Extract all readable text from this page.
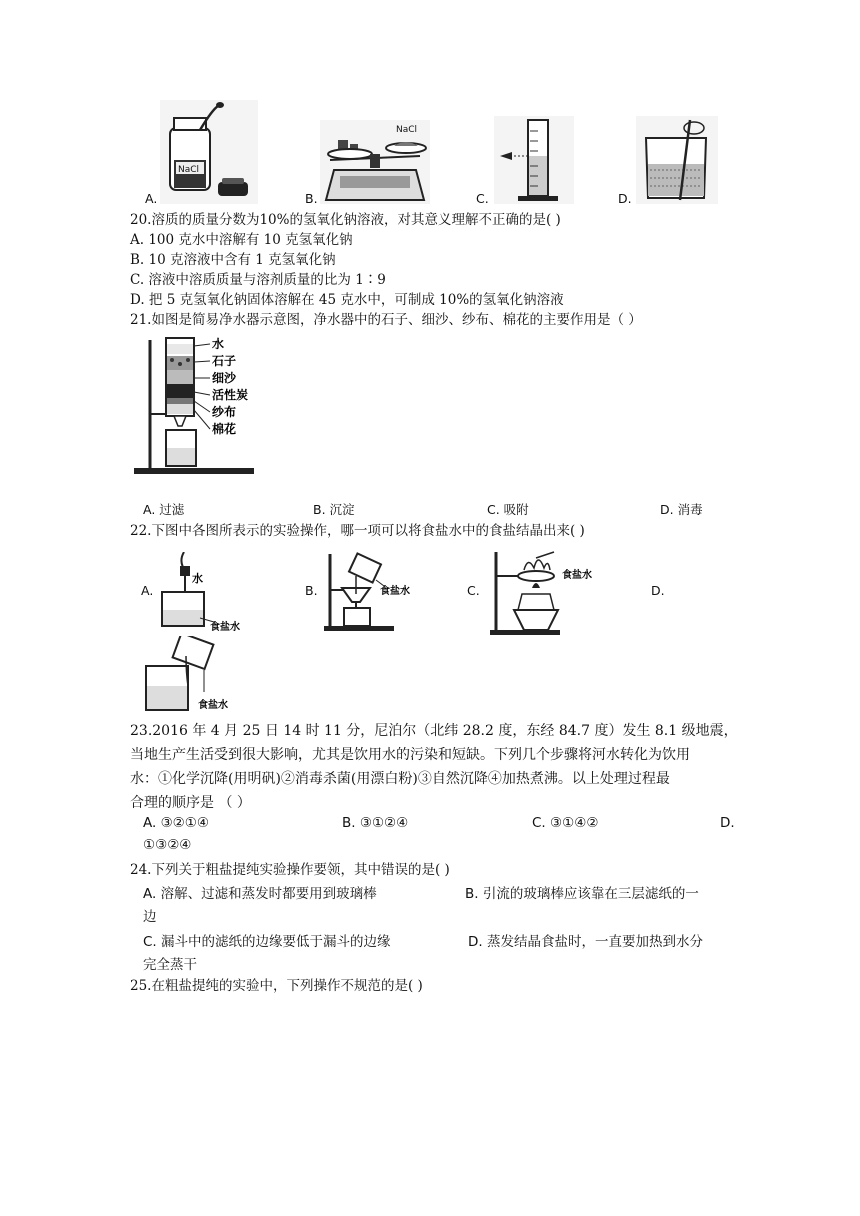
NaCl
A.
NaCl
B.	C.	D.
20.溶质的质量分数为10%的氢氧化钠溶液，对其意义理解不正确的是( )
A. 100 克水中溶解有 10 克氢氧化钠
B. 10 克溶液中含有 1 克氢氧化钠
C. 溶液中溶质质量与溶剂质量的比为 1∶9
D. 把 5 克氢氧化钠固体溶解在 45 克水中，可制成 10%的氢氧化钠溶液
21.如图是简易净水器示意图，净水器中的石子、细沙、纱布、棉花的主要作用是（ ）
水
石子
细沙
活性炭
纱布
棉花
A. 过滤	B. 沉淀	C. 吸附	D. 消毒
22.下图中各图所表示的实验操作，哪一项可以将食盐水中的食盐结晶出来( )
A.
水
食盐水
B.	食盐水	C.
食盐水
D.
食盐水
23.2016 年 4 月 25 日 14 时 11 分，尼泊尔（北纬 28.2 度，东经 84.7 度）发生 8.1 级地震，
当地生产生活受到很大影响，尤其是饮用水的污染和短缺。下列几个步骤将河水转化为饮用
水：①化学沉降(用明矾)②消毒杀菌(用漂白粉)③自然沉降④加热煮沸。以上处理过程最
合理的顺序是 （ ）
A. ③②①④	B. ③①②④	C. ③①④②	D.
①③②④
24.下列关于粗盐提纯实验操作要领，其中错误的是( )
A. 溶解、过滤和蒸发时都要用到玻璃棒	B. 引流的玻璃棒应该靠在三层滤纸的一
边
C. 漏斗中的滤纸的边缘要低于漏斗的边缘	D. 蒸发结晶食盐时，一直要加热到水分
完全蒸干
25.在粗盐提纯的实验中，下列操作不规范的是( )
